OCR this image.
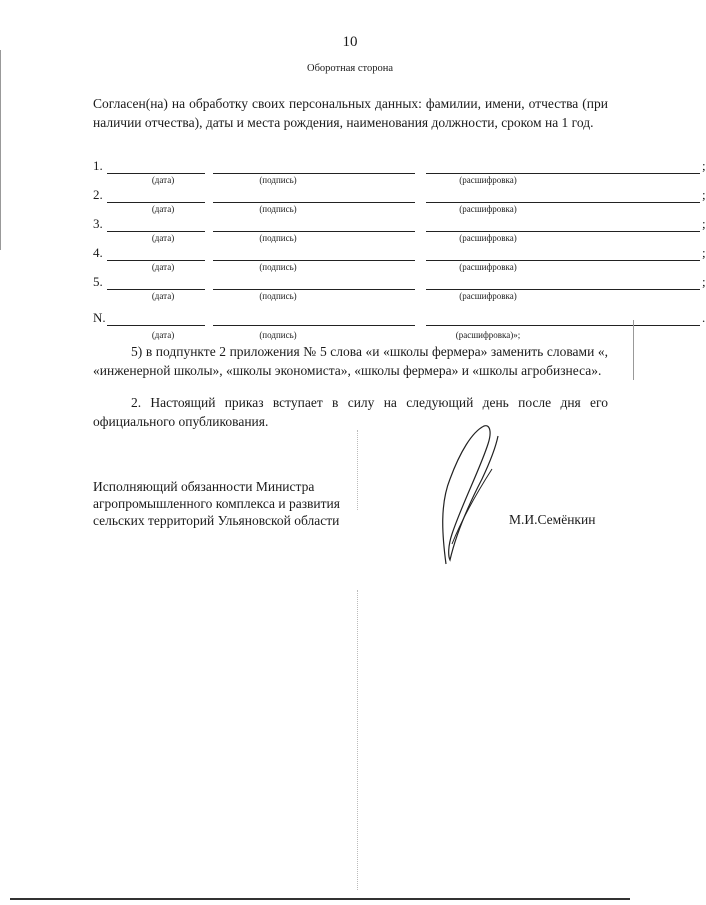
10
Оборотная сторона
Согласен(на) на обработку своих персональных данных: фамилии, имени, отчества (при наличии отчества), даты и места рождения, наименования должности, сроком на 1 год.
1.	;
(дата)	(подпись)	(расшифровка)
2.	;
(дата)	(подпись)	(расшифровка)
3.	;
(дата)	(подпись)	(расшифровка)
4.	;
(дата)	(подпись)	(расшифровка)
5.	;
(дата)	(подпись)	(расшифровка)
N.	.
(дата)	(подпись)	(расшифровка)»;
5) в подпункте 2 приложения № 5 слова «и «школы фермера» заменить словами «, «инженерной школы», «школы экономиста», «школы фермера» и «школы агробизнеса».
2. Настоящий приказ вступает в силу на следующий день после дня его официального опубликования.
Исполняющий обязанности Министра
агропромышленного комплекса и развития
сельских территорий Ульяновской области	М.И.Семёнкин
